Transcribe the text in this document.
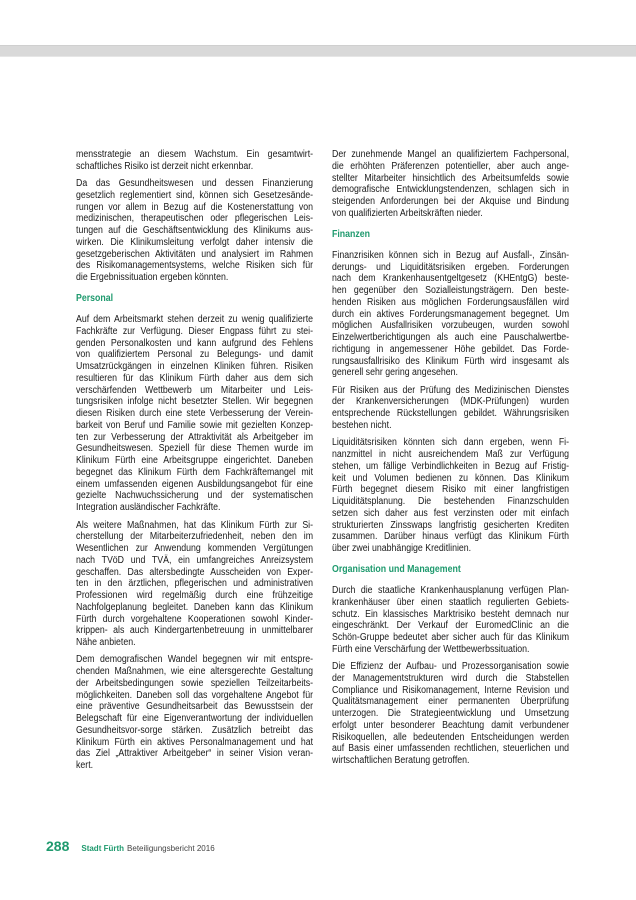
mensstrategie an diesem Wachstum. Ein gesamtwirt-
schaftliches Risiko ist derzeit nicht erkennbar.
Da das Gesundheitswesen und dessen Finanzierung
gesetzlich reglementiert sind, können sich Gesetzesände-
rungen vor allem in Bezug auf die Kostenerstattung von
medizinischen, therapeutischen oder pflegerischen Leis-
tungen auf die Geschäftsentwicklung des Klinikums aus-
wirken. Die Klinikumsleitung verfolgt daher intensiv die
gesetzgeberischen Aktivitäten und analysiert im Rahmen
des Risikomanagementsystems, welche Risiken sich für
die Ergebnissituation ergeben könnten.
Personal
Auf dem Arbeitsmarkt stehen derzeit zu wenig qualifizierte
Fachkräfte zur Verfügung. Dieser Engpass führt zu stei-
genden Personalkosten und kann aufgrund des Fehlens
von qualifiziertem Personal zu Belegungs- und damit
Umsatzrückgängen in einzelnen Kliniken führen. Risiken
resultieren für das Klinikum Fürth daher aus dem sich
verschärfenden Wettbewerb um Mitarbeiter und Leis-
tungsrisiken infolge nicht besetzter Stellen. Wir begegnen
diesen Risiken durch eine stete Verbesserung der Verein-
barkeit von Beruf und Familie sowie mit gezielten Konzep-
ten zur Verbesserung der Attraktivität als Arbeitgeber im
Gesundheitswesen. Speziell für diese Themen wurde im
Klinikum Fürth eine Arbeitsgruppe eingerichtet. Daneben
begegnet das Klinikum Fürth dem Fachkräftemangel mit
einem umfassenden eigenen Ausbildungsangebot für eine
gezielte Nachwuchssicherung und der systematischen
Integration ausländischer Fachkräfte.
Als weitere Maßnahmen, hat das Klinikum Fürth zur Si-
cherstellung der Mitarbeiterzufriedenheit, neben den im
Wesentlichen zur Anwendung kommenden Vergütungen
nach TVöD und TVÄ, ein umfangreiches Anreizsystem
geschaffen. Das altersbedingte Ausscheiden von Exper-
ten in den ärztlichen, pflegerischen und administrativen
Professionen wird regelmäßig durch eine frühzeitige
Nachfolgeplanung begleitet. Daneben kann das Klinikum
Fürth durch vorgehaltene Kooperationen sowohl Kinder-
krippen- als auch Kindergartenbetreuung in unmittelbarer
Nähe anbieten.
Dem demografischen Wandel begegnen wir mit entspre-
chenden Maßnahmen, wie eine altersgerechte Gestaltung
der Arbeitsbedingungen sowie speziellen Teilzeitarbeits-
möglichkeiten. Daneben soll das vorgehaltene Angebot für
eine präventive Gesundheitsarbeit das Bewusstsein der
Belegschaft für eine Eigenverantwortung der individuellen
Gesundheitsvor-sorge stärken. Zusätzlich betreibt das
Klinikum Fürth ein aktives Personalmanagement und hat
das Ziel „Attraktiver Arbeitgeber“ in seiner Vision veran-
kert.
Der zunehmende Mangel an qualifiziertem Fachpersonal,
die erhöhten Präferenzen potentieller, aber auch ange-
stellter Mitarbeiter hinsichtlich des Arbeitsumfelds sowie
demografische Entwicklungstendenzen, schlagen sich in
steigenden Anforderungen bei der Akquise und Bindung
von qualifizierten Arbeitskräften nieder.
Finanzen
Finanzrisiken können sich in Bezug auf Ausfall-, Zinsän-
derungs- und Liquiditätsrisiken ergeben. Forderungen
nach dem Krankenhausentgeltgesetz (KHEntgG) beste-
hen gegenüber den Sozialleistungsträgern. Den beste-
henden Risiken aus möglichen Forderungsausfällen wird
durch ein aktives Forderungsmanagement begegnet. Um
möglichen Ausfallrisiken vorzubeugen, wurden sowohl
Einzelwertberichtigungen als auch eine Pauschalwertbe-
richtigung in angemessener Höhe gebildet. Das Forde-
rungsausfallrisiko des Klinikum Fürth wird insgesamt als
generell sehr gering angesehen.
Für Risiken aus der Prüfung des Medizinischen Dienstes
der Krankenversicherungen (MDK-Prüfungen) wurden
entsprechende Rückstellungen gebildet. Währungsrisiken
bestehen nicht.
Liquiditätsrisiken könnten sich dann ergeben, wenn Fi-
nanzmittel in nicht ausreichendem Maß zur Verfügung
stehen, um fällige Verbindlichkeiten in Bezug auf Fristig-
keit und Volumen bedienen zu können. Das Klinikum
Fürth begegnet diesem Risiko mit einer langfristigen
Liquiditätsplanung. Die bestehenden Finanzschulden
setzen sich daher aus fest verzinsten oder mit einfach
strukturierten Zinsswaps langfristig gesicherten Krediten
zusammen. Darüber hinaus verfügt das Klinikum Fürth
über zwei unabhängige Kreditlinien.
Organisation und Management
Durch die staatliche Krankenhausplanung verfügen Plan-
krankenhäuser über einen staatlich regulierten Gebiets-
schutz. Ein klassisches Marktrisiko besteht demnach nur
eingeschränkt. Der Verkauf der EuromedClinic an die
Schön-Gruppe bedeutet aber sicher auch für das Klinikum
Fürth eine Verschärfung der Wettbewerbssituation.
Die Effizienz der Aufbau- und Prozessorganisation sowie
der Managementstrukturen wird durch die Stabstellen
Compliance und Risikomanagement, Interne Revision und
Qualitätsmanagement einer permanenten Überprüfung
unterzogen. Die Strategieentwicklung und Umsetzung
erfolgt unter besonderer Beachtung damit verbundener
Risikoquellen, alle bedeutenden Entscheidungen werden
auf Basis einer umfassenden rechtlichen, steuerlichen und
wirtschaftlichen Beratung getroffen.
288 Stadt Fürth Beteiligungsbericht 2016
